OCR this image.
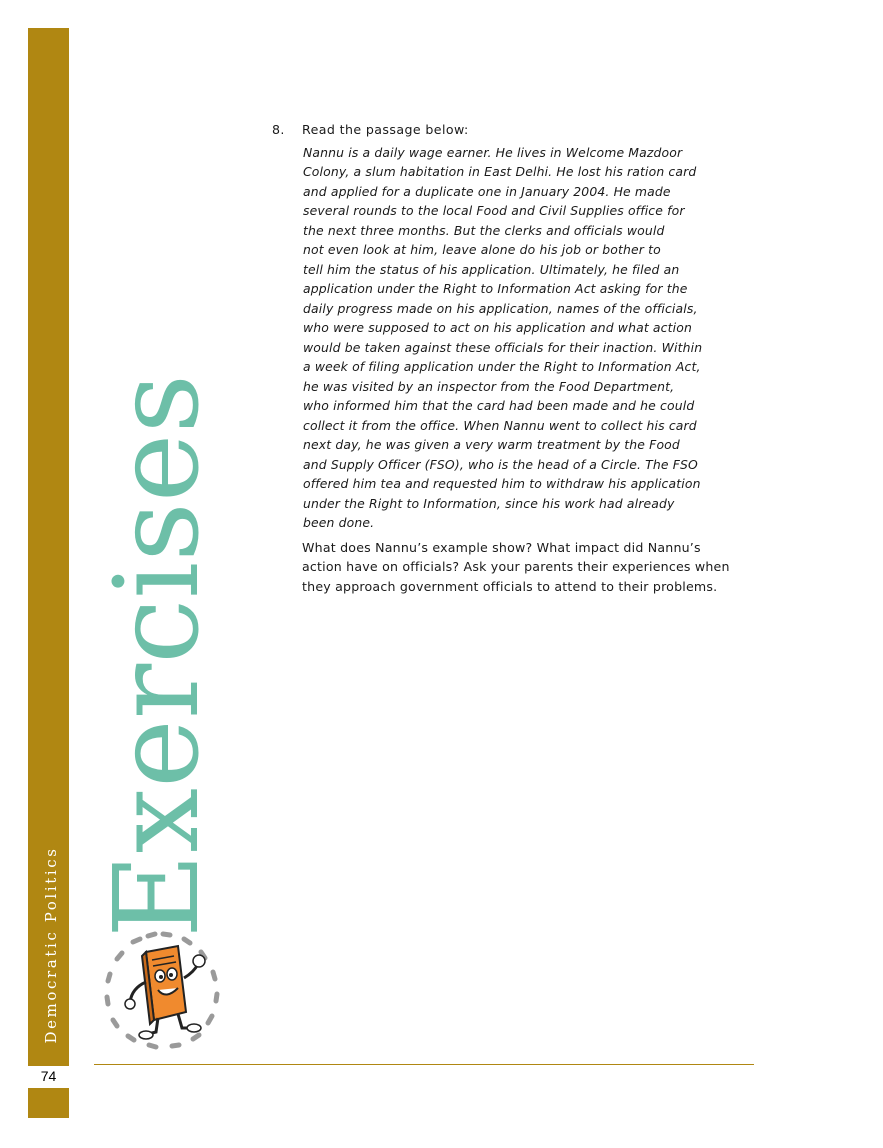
Democratic Politics
74
Exercises
8. Read the passage below:
Nannu is a daily wage earner. He lives in Welcome Mazdoor
Colony, a slum habitation in East Delhi. He lost his ration card
and applied for a duplicate one in January 2004. He made
several rounds to the local Food and Civil Supplies office for
the next three months. But the clerks and officials would
not even look at him, leave alone do his job or bother to
tell him the status of his application. Ultimately, he filed an
application under the Right to Information Act asking for the
daily progress made on his application, names of the officials,
who were supposed to act on his application and what action
would be taken against these officials for their inaction. Within
a week of filing application under the Right to Information Act,
he was visited by an inspector from the Food Department,
who informed him that the card had been made and he could
collect it from the office. When Nannu went to collect his card
next day, he was given a very warm treatment by the Food
and Supply Officer (FSO), who is the head of a Circle. The FSO
offered him tea and requested him to withdraw his application
under the Right to Information, since his work had already
been done.
What does Nannu’s example show? What impact did Nannu’s action have on officials? Ask your parents their experiences when they approach government officials to attend to their problems.
